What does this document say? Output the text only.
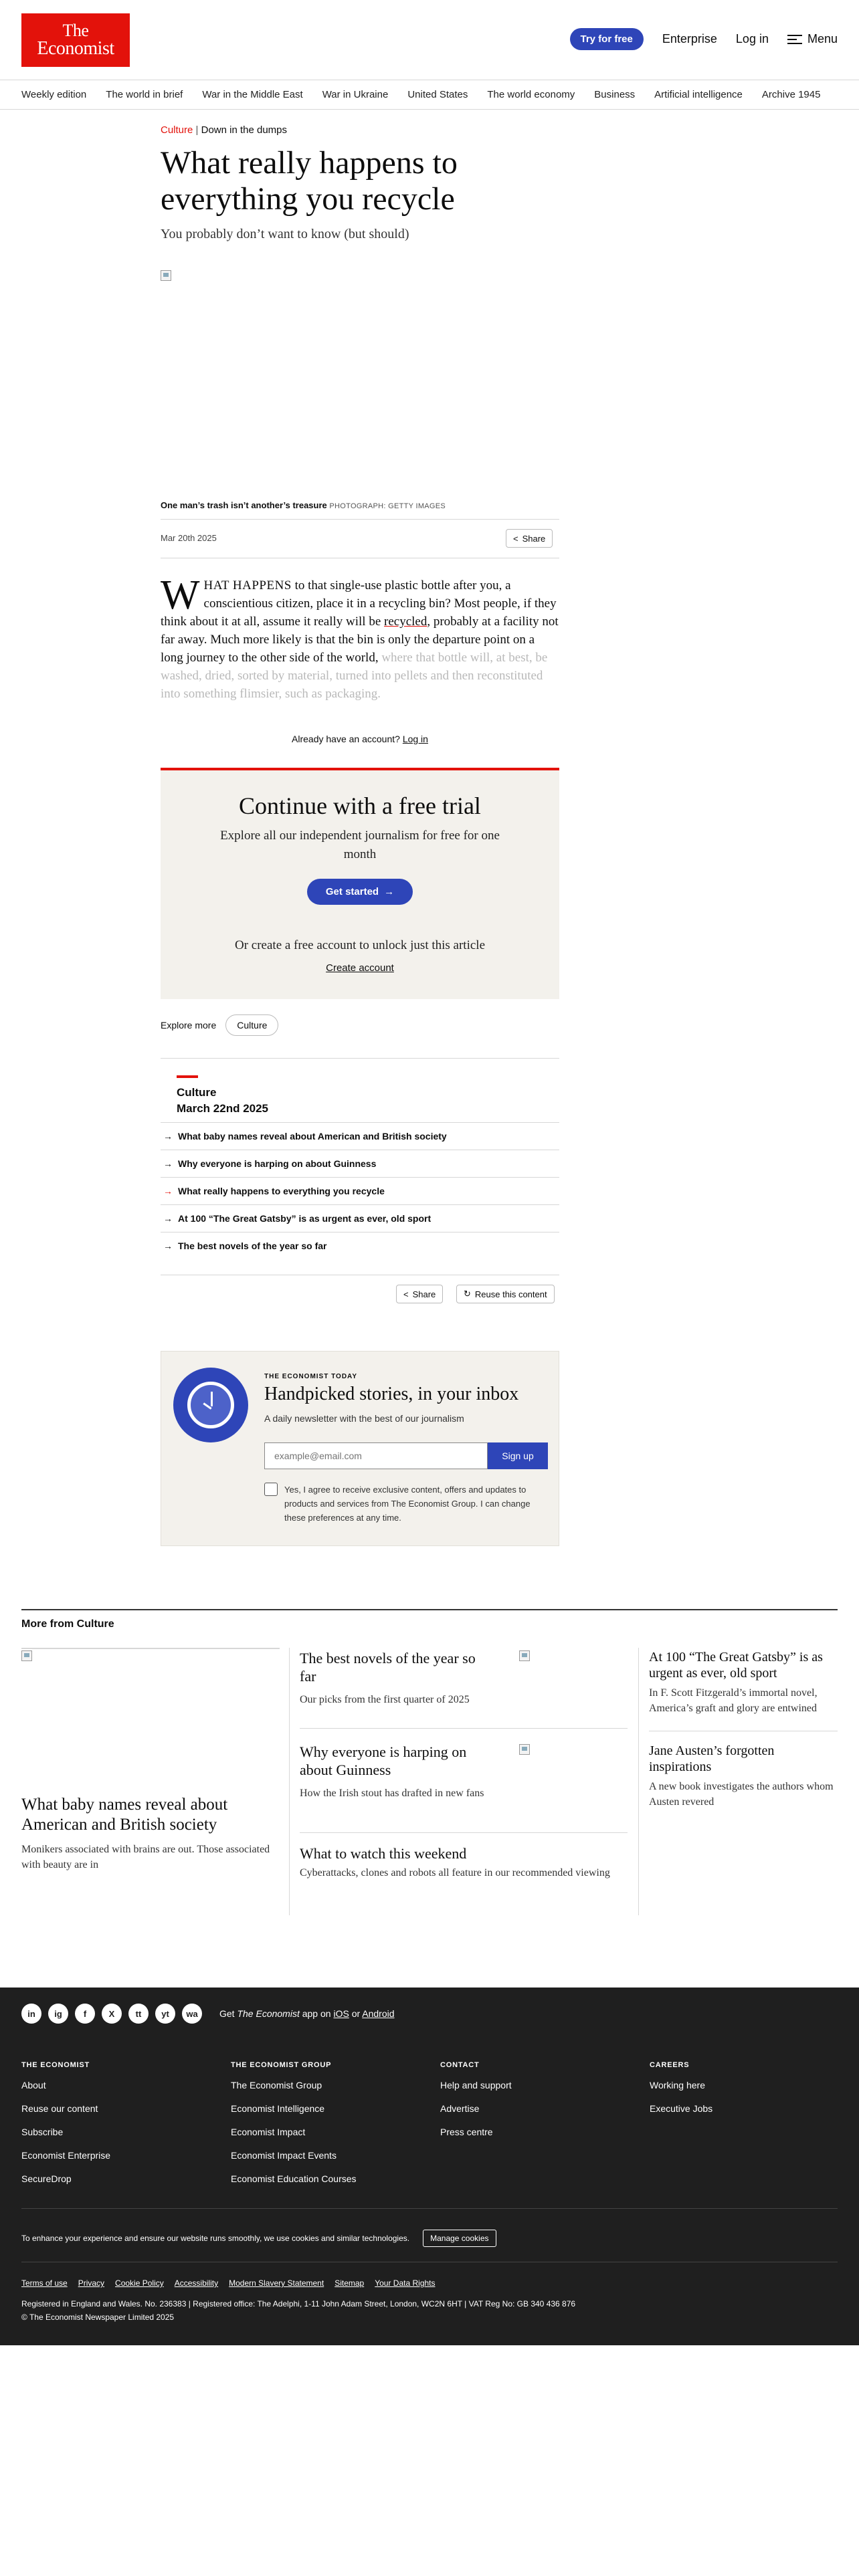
The
Economist	Try for free	Enterprise Log in	Menu
Weekly edition The world in brief War in the Middle East War in Ukraine United States The world economy Business Artificial intelligence Archive 1945
Culture | Down in the dumps
What really happens to everything you recycle

You probably don’t want to know (but should)

One man’s trash isn’t another’s treasure PHOTOGRAPH: GETTY IMAGES
Mar 20th 2025	< Share

WHAT HAPPENS to that single-use plastic bottle after you, a conscientious citizen, place it in a recycling bin? Most people, if they think about it at all, assume it really will be recycled, probably at a facility not far away. Much more likely is that the bin is only the departure point on a long journey to the other side of the world, where that bottle will, at best, be washed, dried, sorted by material, turned into pellets and then reconstituted into something flimsier, such as packaging.

Already have an account? Log in
Continue with a free trial

Explore all our independent journalism for free for one month

Get started →

Or create a free account to unlock just this article

Create account
Explore more	Culture
Culture
March 22nd 2025
→ What baby names reveal about American and British society
→ Why everyone is harping on about Guinness
→ What really happens to everything you recycle
→ At 100 “The Great Gatsby” is as urgent as ever, old sport
→ The best novels of the year so far
< Share	↻ Reuse this content
THE ECONOMIST TODAY
Handpicked stories, in your inbox
A daily newsletter with the best of our journalism
example@email.com
Sign up
Yes, I agree to receive exclusive content, offers and updates to products and services from The Economist Group. I can change these preferences at any time.
More from Culture
What baby names reveal about American and British society
Monikers associated with brains are out. Those associated with beauty are in
The best novels of the year so far
Our picks from the first quarter of 2025
Why everyone is harping on about Guinness
How the Irish stout has drafted in new fans
What to watch this weekend
Cyberattacks, clones and robots all feature in our recommended viewing
At 100 “The Great Gatsby” is as urgent as ever, old sport
In F. Scott Fitzgerald’s immortal novel, America’s graft and glory are entwined
Jane Austen’s forgotten inspirations
A new book investigates the authors whom Austen revered
in	ig	f	X	tt	yt	wa	Get The Economist app on iOS or Android
THE ECONOMIST
About
Reuse our content
Subscribe
Economist Enterprise
SecureDrop
THE ECONOMIST GROUP
The Economist Group
Economist Intelligence
Economist Impact
Economist Impact Events
Economist Education Courses
CONTACT
Help and support
Advertise
Press centre
CAREERS
Working here
Executive Jobs
To enhance your experience and ensure our website runs smoothly, we use cookies and similar technologies.	Manage cookies
Terms of use Privacy Cookie Policy Accessibility Modern Slavery Statement Sitemap Your Data Rights
Registered in England and Wales. No. 236383 | Registered office: The Adelphi, 1-11 John Adam Street, London, WC2N 6HT | VAT Reg No: GB 340 436 876
© The Economist Newspaper Limited 2025
